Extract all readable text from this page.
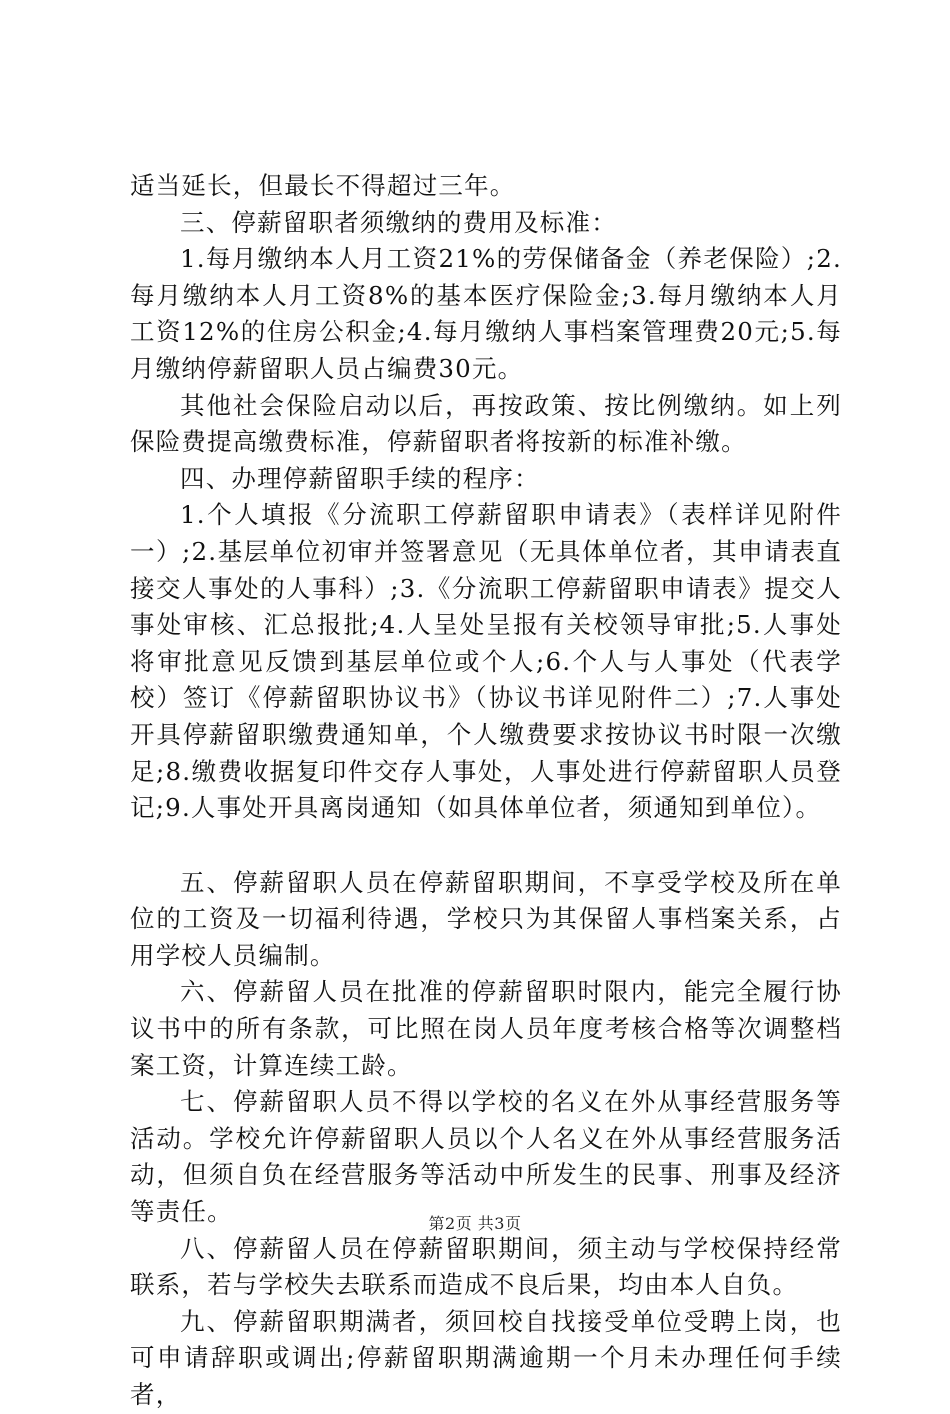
适当延长，但最长不得超过三年。

三、停薪留职者须缴纳的费用及标准：

1.每月缴纳本人月工资21%的劳保储备金（养老保险）;2.每月缴纳本人月工资8%的基本医疗保险金;3.每月缴纳本人月工资12%的住房公积金;4.每月缴纳人事档案管理费20元;5.每月缴纳停薪留职人员占编费30元。

其他社会保险启动以后，再按政策、按比例缴纳。如上列保险费提高缴费标准，停薪留职者将按新的标准补缴。

四、办理停薪留职手续的程序：

1.个人填报《分流职工停薪留职申请表》（表样详见附件一）;2.基层单位初审并签署意见（无具体单位者，其申请表直接交人事处的人事科）;3.《分流职工停薪留职申请表》提交人事处审核、汇总报批;4.人呈处呈报有关校领导审批;5.人事处将审批意见反馈到基层单位或个人;6.个人与人事处（代表学校）签订《停薪留职协议书》（协议书详见附件二）;7.人事处开具停薪留职缴费通知单，个人缴费要求按协议书时限一次缴足;8.缴费收据复印件交存人事处，人事处进行停薪留职人员登记;9.人事处开具离岗通知（如具体单位者，须通知到单位）。

五、停薪留职人员在停薪留职期间，不享受学校及所在单位的工资及一切福利待遇，学校只为其保留人事档案关系，占用学校人员编制。

六、停薪留人员在批准的停薪留职时限内，能完全履行协议书中的所有条款，可比照在岗人员年度考核合格等次调整档案工资，计算连续工龄。

七、停薪留职人员不得以学校的名义在外从事经营服务等活动。学校允许停薪留职人员以个人名义在外从事经营服务活动，但须自负在经营服务等活动中所发生的民事、刑事及经济等责任。

八、停薪留人员在停薪留职期间，须主动与学校保持经常联系，若与学校失去联系而造成不良后果，均由本人自负。

九、停薪留职期满者，须回校自找接受单位受聘上岗，也可申请辞职或调出;停薪留职期满逾期一个月未办理任何手续者，

第2页 共3页
